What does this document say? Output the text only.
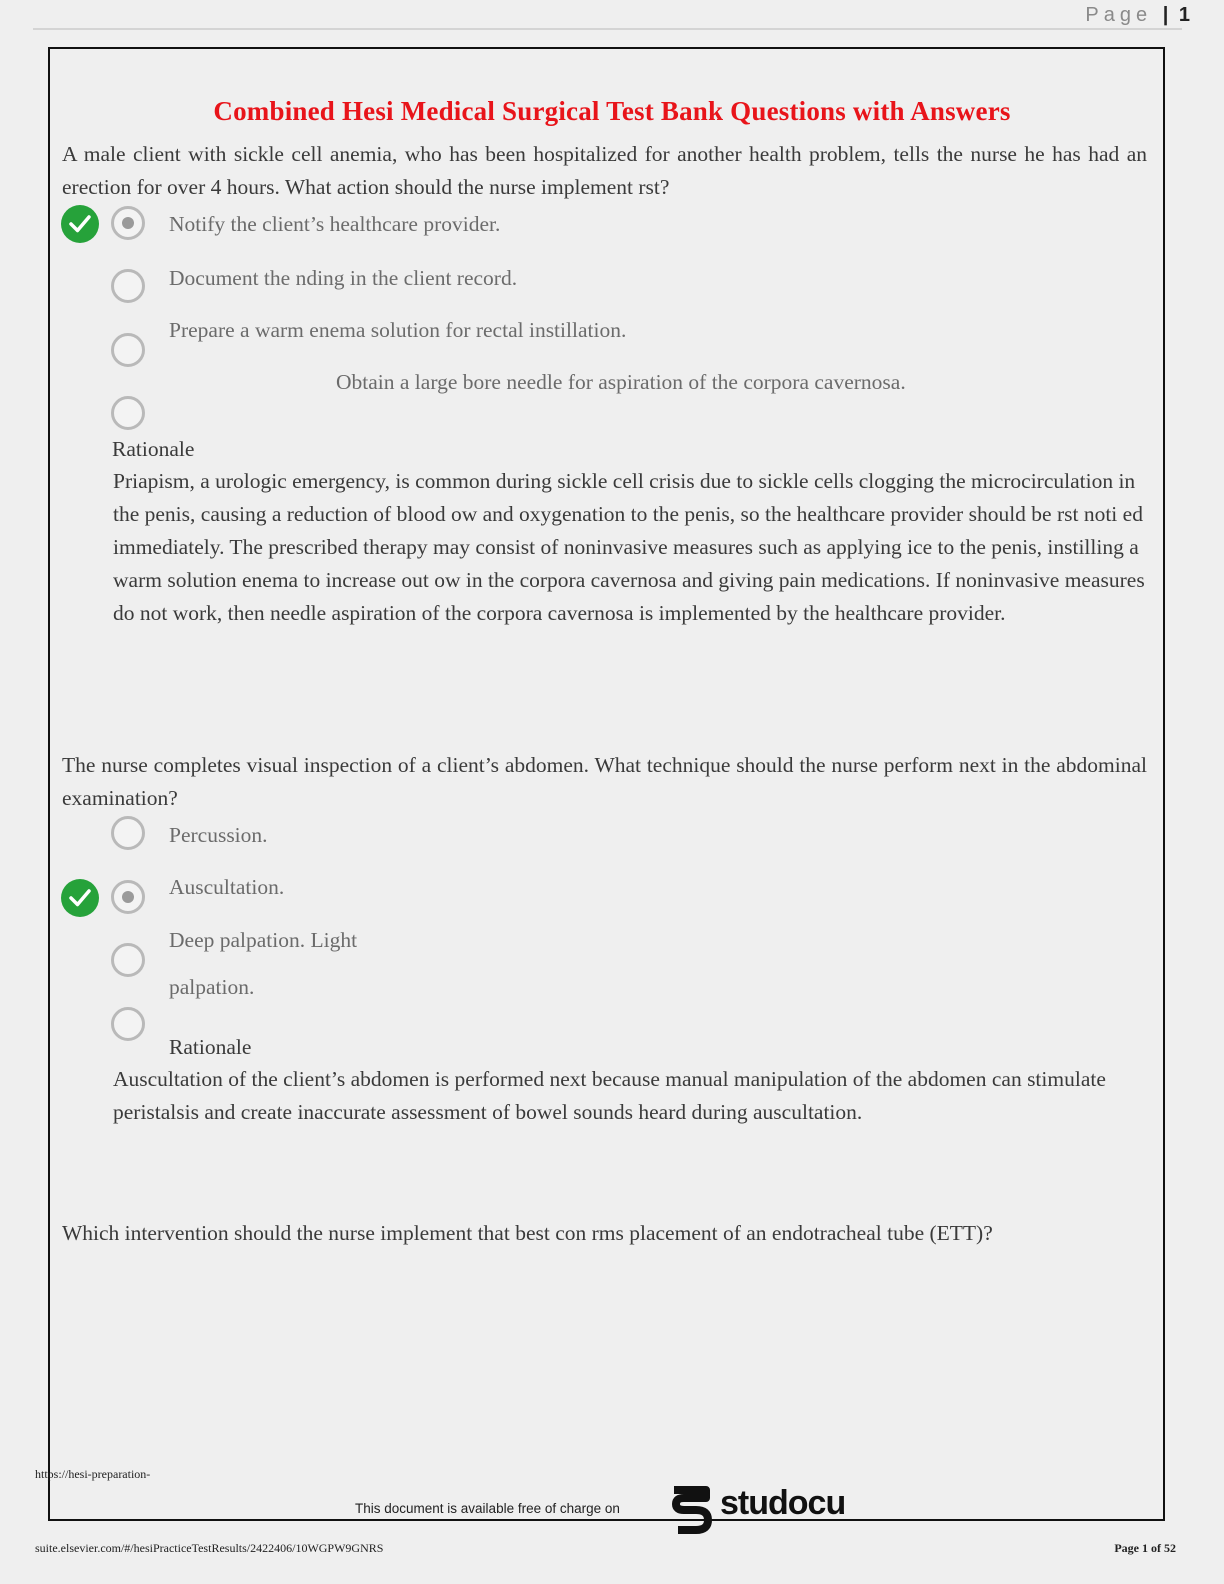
Page | 1
Combined Hesi Medical Surgical Test Bank Questions with Answers
A male client with sickle cell anemia, who has been hospitalized for another health problem, tells the nurse he has had an erection for over 4 hours. What action should the nurse implement rst?
Notify the client’s healthcare provider.
Document the nding in the client record.
Prepare a warm enema solution for rectal instillation.
Obtain a large bore needle for aspiration of the corpora cavernosa.
Rationale
Priapism, a urologic emergency, is common during sickle cell crisis due to sickle cells clogging the microcirculation in the penis, causing a reduction of blood ow and oxygenation to the penis, so the healthcare provider should be rst noti ed immediately. The prescribed therapy may consist of noninvasive measures such as applying ice to the penis, instilling a warm solution enema to increase out ow in the corpora cavernosa and giving pain medications. If noninvasive measures do not work, then needle aspiration of the corpora cavernosa is implemented by the healthcare provider.
The nurse completes visual inspection of a client’s abdomen. What technique should the nurse perform next in the abdominal examination?
Percussion.
Auscultation.
Deep palpation. Light
palpation.
Rationale
Auscultation of the client’s abdomen is performed next because manual manipulation of the abdomen can stimulate peristalsis and create inaccurate assessment of bowel sounds heard during auscultation.
Which intervention should the nurse implement that best con rms placement of an endotracheal tube (ETT)?
https://hesi-preparation-
This document is available free of charge on	studocu
suite.elsevier.com/#/hesiPracticeTestResults/2422406/10WGPW9GNRS	Page 1 of 52
